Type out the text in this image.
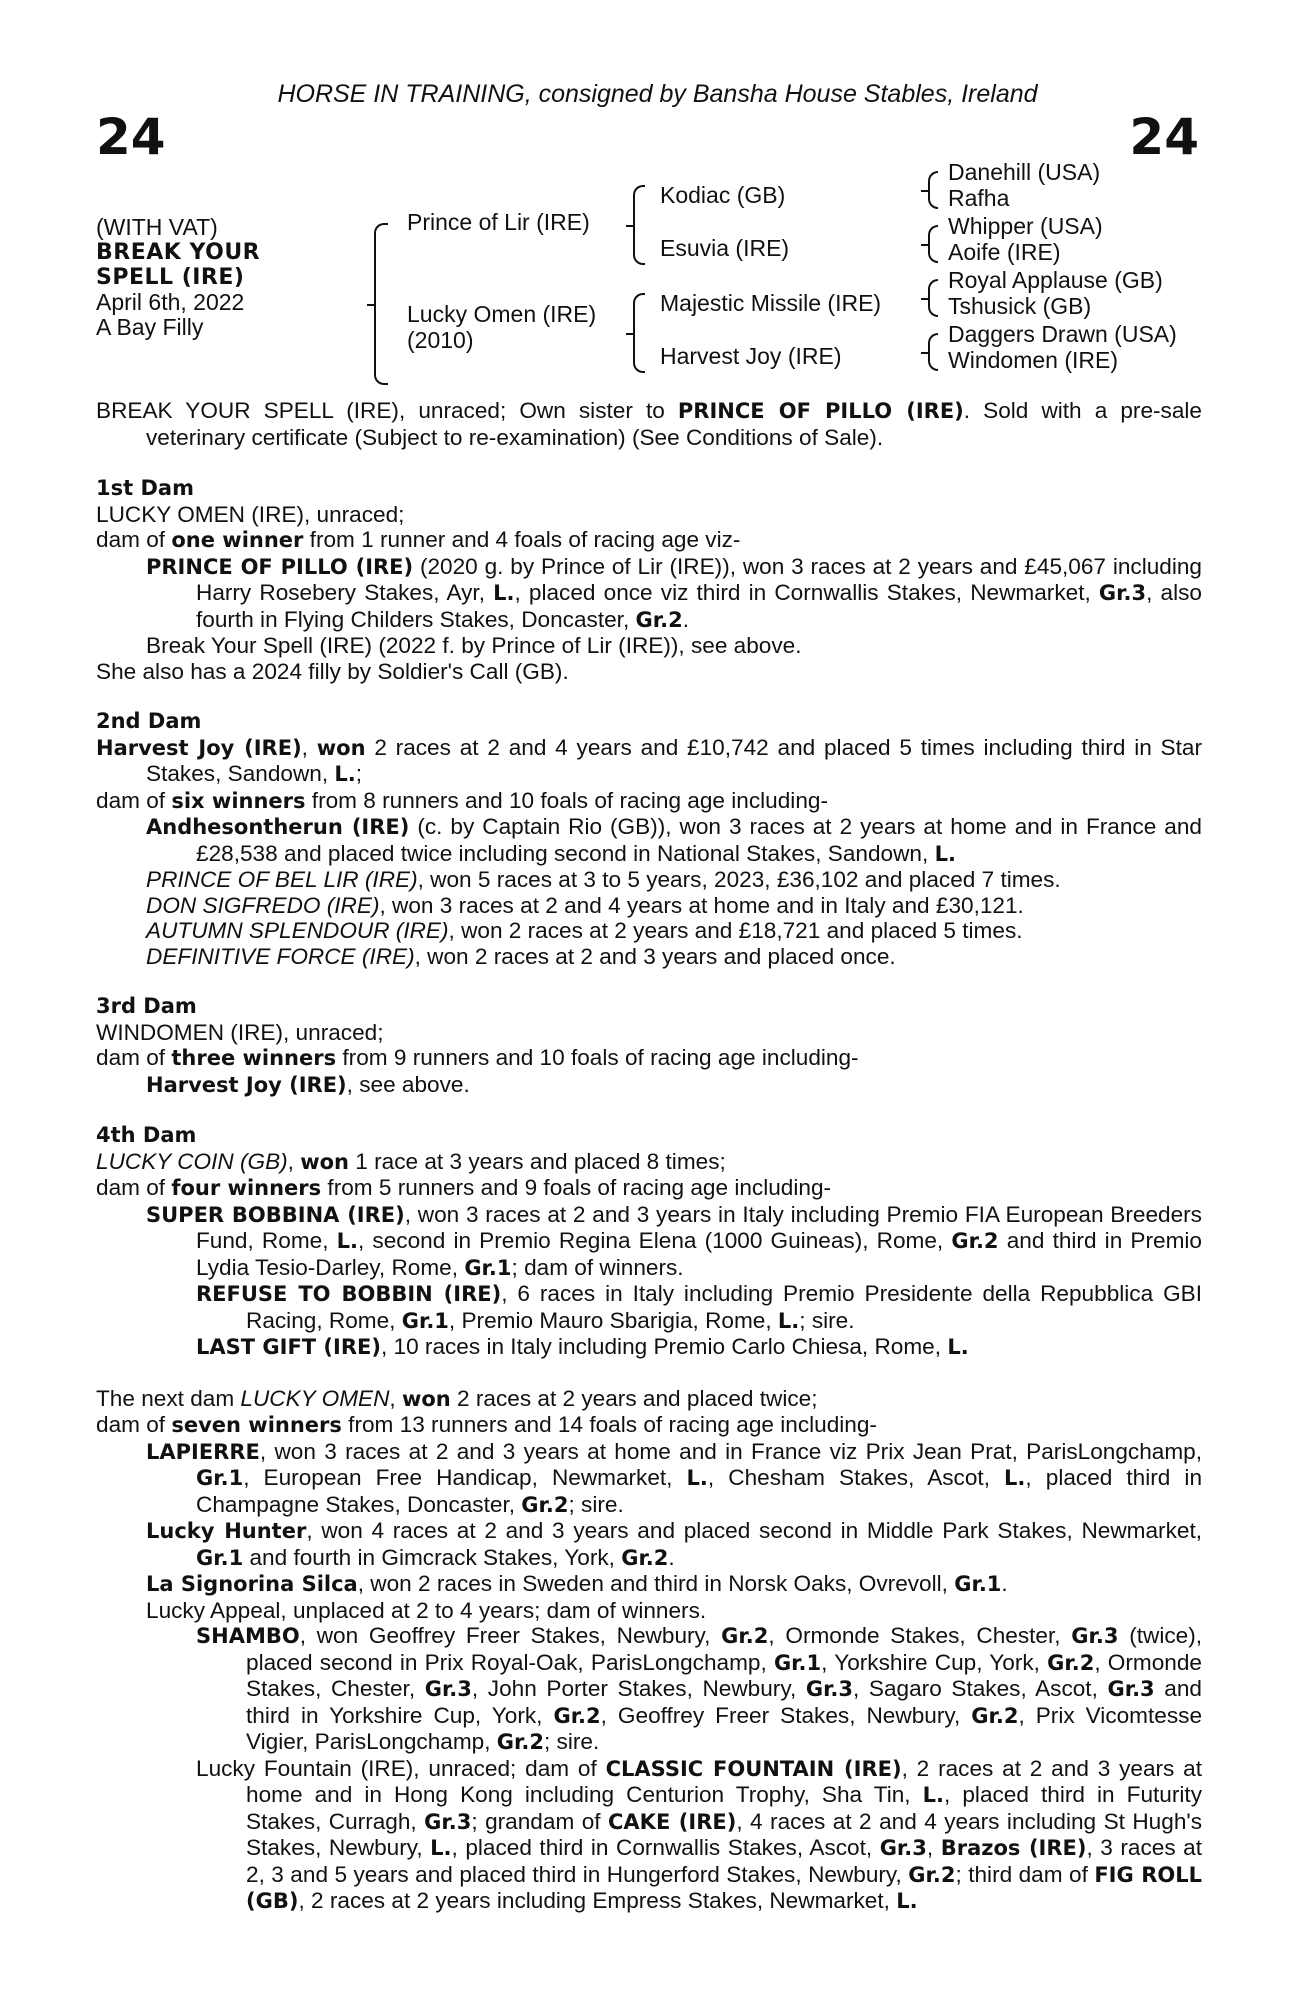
HORSE IN TRAINING, consigned by Bansha House Stables, Ireland
24	24
(WITH VAT)
BREAK YOUR
SPELL (IRE)
April 6th, 2022
A Bay Filly
Prince of Lir (IRE)
Lucky Omen (IRE)
(2010)
Kodiac (GB)
Esuvia (IRE)
Majestic Missile (IRE)
Harvest Joy (IRE)
Danehill (USA)
Rafha
Whipper (USA)
Aoife (IRE)
Royal Applause (GB)
Tshusick (GB)
Daggers Drawn (USA)
Windomen (IRE)

BREAK YOUR SPELL (IRE), unraced; Own sister to PRINCE OF PILLO (IRE). Sold with a pre-sale veterinary certificate (Subject to re-examination) (See Conditions of Sale).

1st Dam

LUCKY OMEN (IRE), unraced;

dam of one winner from 1 runner and 4 foals of racing age viz-

PRINCE OF PILLO (IRE) (2020 g. by Prince of Lir (IRE)), won 3 races at 2 years and £45,067 including Harry Rosebery Stakes, Ayr, L., placed once viz third in Cornwallis Stakes, Newmarket, Gr.3, also fourth in Flying Childers Stakes, Doncaster, Gr.2.

Break Your Spell (IRE) (2022 f. by Prince of Lir (IRE)), see above.

She also has a 2024 filly by Soldier's Call (GB).

2nd Dam

Harvest Joy (IRE), won 2 races at 2 and 4 years and £10,742 and placed 5 times including third in Star Stakes, Sandown, L.;

dam of six winners from 8 runners and 10 foals of racing age including-

Andhesontherun (IRE) (c. by Captain Rio (GB)), won 3 races at 2 years at home and in France and £28,538 and placed twice including second in National Stakes, Sandown, L.

PRINCE OF BEL LIR (IRE), won 5 races at 3 to 5 years, 2023, £36,102 and placed 7 times.

DON SIGFREDO (IRE), won 3 races at 2 and 4 years at home and in Italy and £30,121.

AUTUMN SPLENDOUR (IRE), won 2 races at 2 years and £18,721 and placed 5 times.

DEFINITIVE FORCE (IRE), won 2 races at 2 and 3 years and placed once.

3rd Dam

WINDOMEN (IRE), unraced;

dam of three winners from 9 runners and 10 foals of racing age including-

Harvest Joy (IRE), see above.

4th Dam

LUCKY COIN (GB), won 1 race at 3 years and placed 8 times;

dam of four winners from 5 runners and 9 foals of racing age including-

SUPER BOBBINA (IRE), won 3 races at 2 and 3 years in Italy including Premio FIA European Breeders Fund, Rome, L., second in Premio Regina Elena (1000 Guineas), Rome, Gr.2 and third in Premio Lydia Tesio-Darley, Rome, Gr.1; dam of winners.

REFUSE TO BOBBIN (IRE), 6 races in Italy including Premio Presidente della Repubblica GBI Racing, Rome, Gr.1, Premio Mauro Sbarigia, Rome, L.; sire.

LAST GIFT (IRE), 10 races in Italy including Premio Carlo Chiesa, Rome, L.

The next dam LUCKY OMEN, won 2 races at 2 years and placed twice;

dam of seven winners from 13 runners and 14 foals of racing age including-

LAPIERRE, won 3 races at 2 and 3 years at home and in France viz Prix Jean Prat, ParisLongchamp, Gr.1, European Free Handicap, Newmarket, L., Chesham Stakes, Ascot, L., placed third in Champagne Stakes, Doncaster, Gr.2; sire.

Lucky Hunter, won 4 races at 2 and 3 years and placed second in Middle Park Stakes, Newmarket, Gr.1 and fourth in Gimcrack Stakes, York, Gr.2.

La Signorina Silca, won 2 races in Sweden and third in Norsk Oaks, Ovrevoll, Gr.1.

Lucky Appeal, unplaced at 2 to 4 years; dam of winners.

SHAMBO, won Geoffrey Freer Stakes, Newbury, Gr.2, Ormonde Stakes, Chester, Gr.3 (twice), placed second in Prix Royal-Oak, ParisLongchamp, Gr.1, Yorkshire Cup, York, Gr.2, Ormonde Stakes, Chester, Gr.3, John Porter Stakes, Newbury, Gr.3, Sagaro Stakes, Ascot, Gr.3 and third in Yorkshire Cup, York, Gr.2, Geoffrey Freer Stakes, Newbury, Gr.2, Prix Vicomtesse Vigier, ParisLongchamp, Gr.2; sire.

Lucky Fountain (IRE), unraced; dam of CLASSIC FOUNTAIN (IRE), 2 races at 2 and 3 years at home and in Hong Kong including Centurion Trophy, Sha Tin, L., placed third in Futurity Stakes, Curragh, Gr.3; grandam of CAKE (IRE), 4 races at 2 and 4 years including St Hugh's Stakes, Newbury, L., placed third in Cornwallis Stakes, Ascot, Gr.3, Brazos (IRE), 3 races at 2, 3 and 5 years and placed third in Hungerford Stakes, Newbury, Gr.2; third dam of FIG ROLL (GB), 2 races at 2 years including Empress Stakes, Newmarket, L.
